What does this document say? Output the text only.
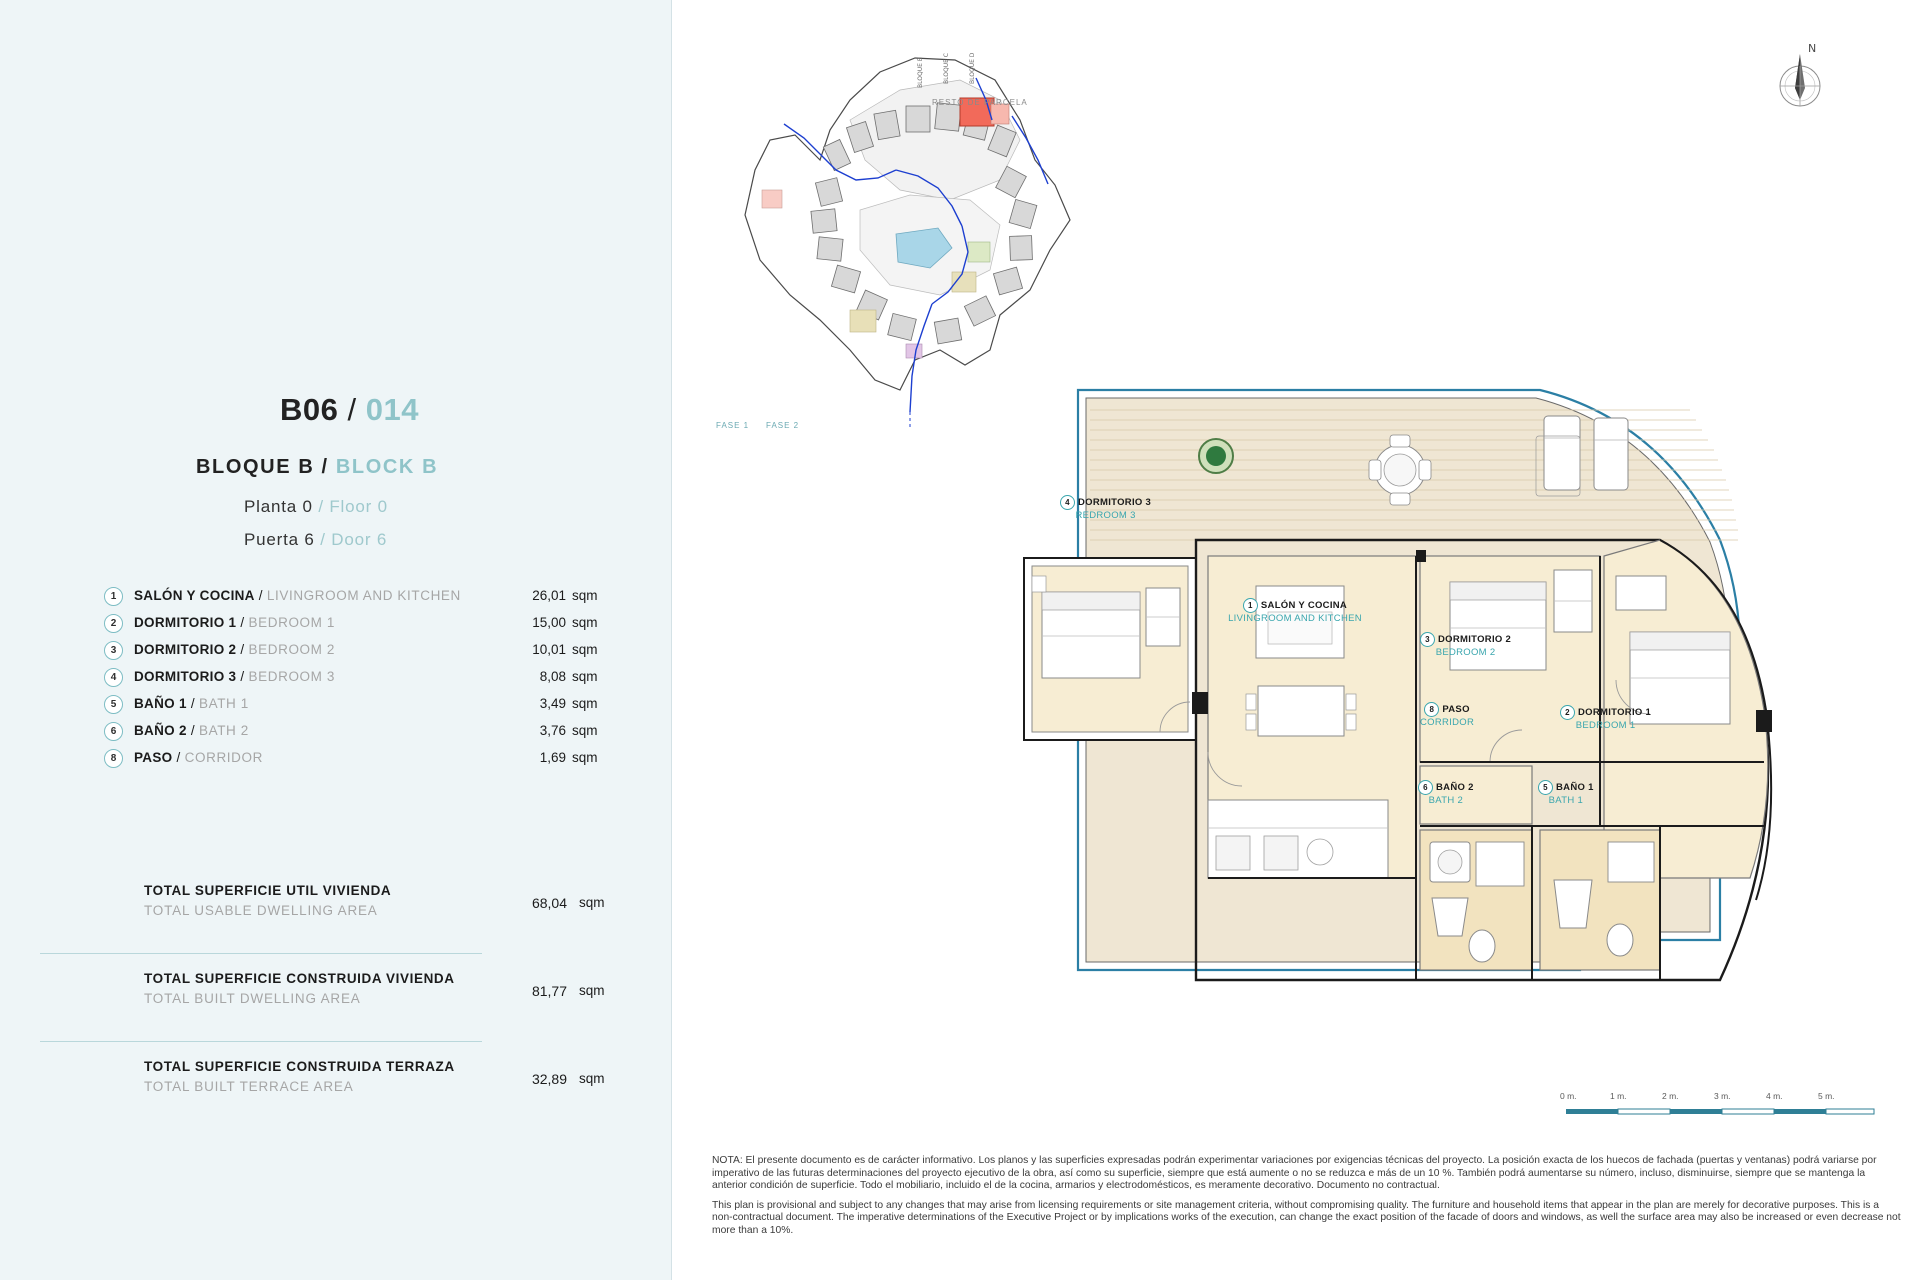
B06 / 014
BLOQUE B / BLOCK B
Planta 0 / Floor 0
Puerta 6 / Door 6
1	SALÓN Y COCINA / LIVINGROOM AND KITCHEN	26,01 sqm
2	DORMITORIO 1 / BEDROOM 1	15,00 sqm
3	DORMITORIO 2 / BEDROOM 2	10,01 sqm
4	DORMITORIO 3 / BEDROOM 3	8,08 sqm
5	BAÑO 1 / BATH 1	3,49 sqm
6	BAÑO 2 / BATH 2	3,76 sqm
8	PASO / CORRIDOR	1,69 sqm
TOTAL SUPERFICIE UTIL VIVIENDA
TOTAL USABLE DWELLING AREA	68,04 sqm
TOTAL SUPERFICIE CONSTRUIDA VIVIENDA
TOTAL BUILT DWELLING AREA	81,77 sqm
TOTAL SUPERFICIE CONSTRUIDA TERRAZA
TOTAL BUILT TERRACE AREA	32,89 sqm
BLOQUE B	BLOQUE C	BLOQUE D
RESTO DE PARCELA
FASE 1 FASE 2
N
4 DORMITORIO 3
REDROOM 3
1 SALÓN Y COCINA
LIVINGROOM AND KITCHEN
3 DORMITORIO 2
BEDROOM 2
2 DORMITORIO 1
BEDROOM 1
8 PASO
CORRIDOR
6 BAÑO 2
BATH 2
5 BAÑO 1
BATH 1
0 m.	1 m.	2 m.	3 m.	4 m.	5 m.

NOTA: El presente documento es de carácter informativo. Los planos y las superficies expresadas podrán experimentar variaciones por exigencias técnicas del proyecto. La posición exacta de los huecos de fachada (puertas y ventanas) podrá variarse por imperativo de las futuras determinaciones del proyecto ejecutivo de la obra, así como su superficie, siempre que está aumente o no se reduzca e más de un 10 %. También podrá aumentarse su número, incluso, disminuirse, siempre que se mantenga la anterior condición de superficie. Todo el mobiliario, incluido el de la cocina, armarios y electrodomésticos, es meramente decorativo. Documento no contractual.

This plan is provisional and subject to any changes that may arise from licensing requirements or site management criteria, without compromising quality. The furniture and household items that appear in the plan are merely for decorative purposes. This is a non-contractual document. The imperative determinations of the Executive Project or by implications works of the execution, can change the exact position of the facade of doors and windows, as well the surface area may also be increased or even decrease not more than a 10%.
